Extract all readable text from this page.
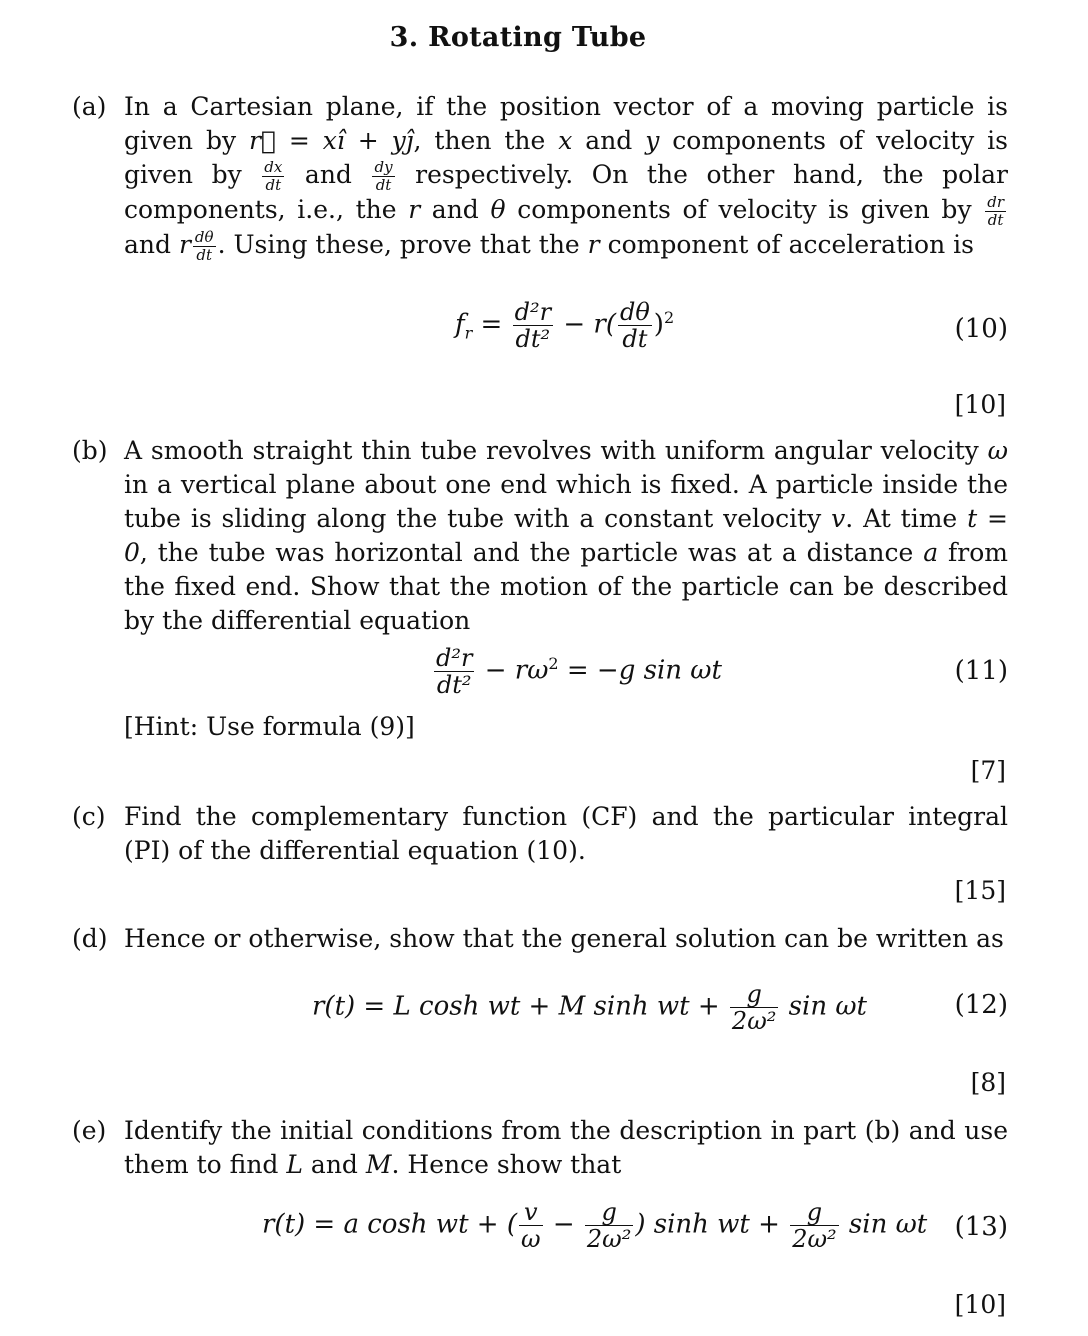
3. Rotating Tube
(a) In a Cartesian plane, if the position vector of a moving particle is given by r⃗ = xî + yĵ, then the x and y components of velocity is given by $\frac{dx}{dt}$ and $\frac{dy}{dt}$ respectively. On the other hand, the polar components, i.e., the r and θ components of velocity is given by $\frac{dr}{dt}$
and r $\frac{d\theta}{dt}$ . Using these, prove that the r component of acceleration is

$f_r = \frac{\text{d²r}}{\text{dt²}} - r( \frac{d\theta}{dt} )^2$	(10)
[10]
(b) A smooth straight thin tube revolves with uniform angular velocity ω in a vertical plane about one end which is fixed. A particle inside the tube is sliding along the tube with a constant velocity v. At time t = 0, the tube was horizontal and the particle was at a distance a from the fixed end. Show that the motion of the particle can be described by the differential equation

$\frac{\text{d²r}}{\text{dt²}} - r\omega^2 = -g$ sin ωt	(11)
[Hint: Use formula (9)]
[7]
(c) Find the complementary function (CF) and the particular integral (PI) of the differential equation (10).
[15]
(d) Hence or otherwise, show that the general solution can be written as
r(t) = L cosh wt + M sinh wt + $\frac{g}{\text{2ω²}}$ sin ωt	(12)
[8]
(e) Identify the initial conditions from the description in part (b) and use them to find L and M. Hence show that

r(t) = a cosh wt + ( $\frac{v}{\omega} - \frac{g}{\text{2ω²}}$ ) sinh wt + $\frac{g}{\text{2ω²}}$ sin ωt (13)
[10]
